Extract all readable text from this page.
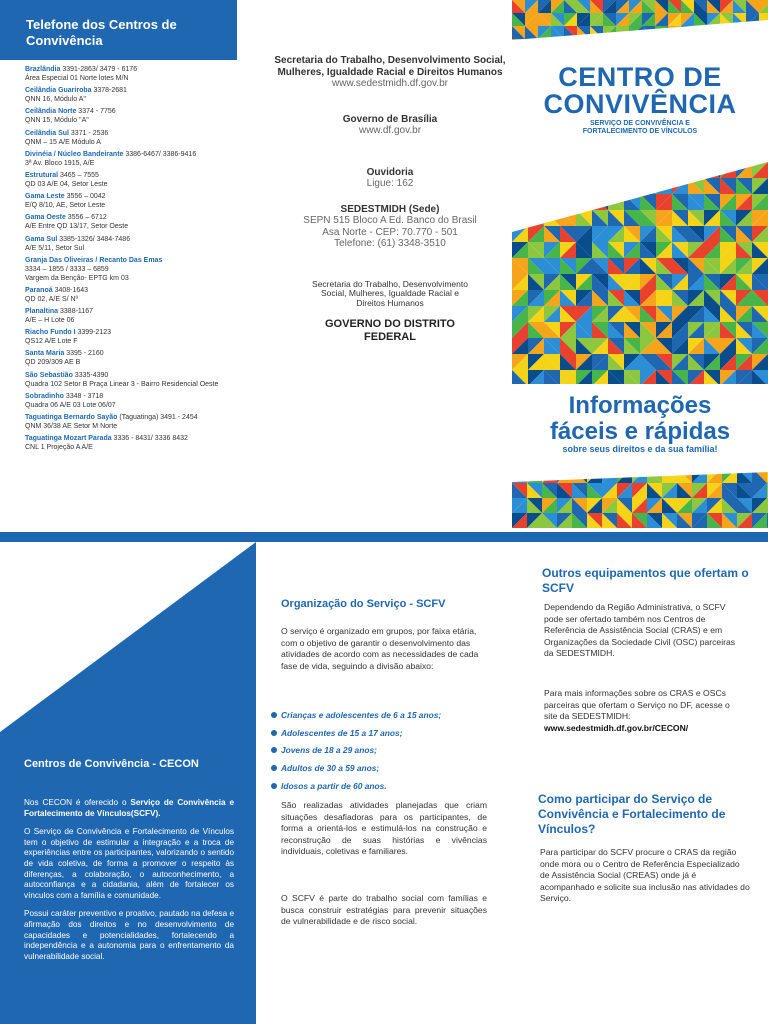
Telefone dos Centros de Convivência
Brazlândia 3391-2863/ 3479 - 6176
Área Especial 01 Norte lotes M/N
Ceilândia Guariroba 3378-2681
QNN 16, Módulo A"
Ceilândia Norte 3374 - 7756
QNN 15, Módulo "A"
Ceilândia Sul 3371 - 2536
QNM – 15 A/E Módulo A
Divinéia / Núcleo Bandeirante 3386-6467/ 3386-9416
3ª Av. Bloco 1915, A/E
Estrutural 3465 – 7555
QD 03 A/E 04, Setor Leste
Gama Leste 3556 – 0042
E/Q 8/10, AE, Setor Leste
Gama Oeste 3556 – 6712
A/E Entre QD 13/17, Setor Oeste
Gama Sul 3385-1326/ 3484-7486
A/E 5/11, Setor Sul
Granja Das Oliveiras / Recanto Das Emas
3334 – 1855 / 3333 – 6859
Vargem da Benção- EPTG km 03
Paranoá 3408-1643
QD 02, A/E S/ Nº
Planaltina 3388-1167
A/E – H Lote 06
Riacho Fundo I 3399-2123
QS12 A/E Lote F
Santa Maria 3395 - 2160
QD 209/309 AE B
São Sebastião 3335-4390
Quadra 102 Setor B Praça Linear 3 - Bairro Residencial Oeste
Sobradinho 3348 - 3718
Quadra 06 A/E 03 Lote 06/07
Taguatinga Bernardo Sayão (Taguatinga) 3491 - 2454
QNM 36/38 AE Setor M Norte
Taguatinga Mozart Parada 3336 - 8431/ 3336 8432
CNL 1 Projeção A A/E
Secretaria do Trabalho, Desenvolvimento Social, Mulheres, Igualdade Racial e Direitos Humanos
www.sedestmidh.df.gov.br
Governo de Brasília
www.df.gov.br
Ouvidoria
Ligue: 162
SEDESTMIDH (Sede)
SEPN 515 Bloco A Ed. Banco do Brasil
Asa Norte - CEP: 70.770 - 501
Telefone: (61) 3348-3510
Secretaria do Trabalho, Desenvolvimento Social, Mulheres, Igualdade Racial e Direitos Humanos
GOVERNO DO DISTRITO FEDERAL
CENTRO DE
CONVIVÊNCIA
SERVIÇO DE CONVIVÊNCIA E FORTALECIMENTO DE VÍNCULOS
Informações
fáceis e rápidas
sobre seus direitos e da sua família!
Centros de Convivência - CECON

Nos CECON é oferecido o Serviço de Convivência e Fortalecimento de Vínculos(SCFV).

O Serviço de Convivência e Fortalecimento de Vínculos tem o objetivo de estimular a integração e a troca de experiências entre os participantes, valorizando o sentido de vida coletiva, de forma a promover o respeito às diferenças, a colaboração, o autoconhecimento, a autoconfiança e a cidadania, além de fortalecer os vínculos com a família e comunidade.

Possui caráter preventivo e proativo, pautado na defesa e afirmação dos direitos e no desenvolvimento de capacidades e potencialidades, fortalecendo a independência e a autonomia para o enfrentamento da vulnerabilidade social.

Organização do Serviço - SCFV
O serviço é organizado em grupos, por faixa etária, com o objetivo de garantir o desenvolvimento das atividades de acordo com as necessidades de cada fase de vida, seguindo a divisão abaixo:
Crianças e adolescentes de 6 a 15 anos;
Adolescentes de 15 a 17 anos;
Jovens de 18 a 29 anos;
Adultos de 30 a 59 anos;
Idosos a partir de 60 anos.
São realizadas atividades planejadas que criam situações desafiadoras para os participantes, de forma a orientá-los e estimulá-los na construção e reconstrução de suas histórias e vivências individuais, coletivas e familiares.
O SCFV é parte do trabalho social com famílias e busca construir estratégias para prevenir situações de vulnerabilidade e de risco social.
Outros equipamentos que ofertam o SCFV
Dependendo da Região Administrativa, o SCFV pode ser ofertado também nos Centros de Referência de Assistência Social (CRAS) e em Organizações da Sociedade Civil (OSC) parceiras da SEDESTMIDH.
Para mais informações sobre os CRAS e OSCs parceiras que ofertam o Serviço no DF, acesse o site da SEDESTMIDH:
www.sedestmidh.df.gov.br/CECON/
Como participar do Serviço de Convivência e Fortalecimento de Vínculos?
Para participar do SCFV procure o CRAS da região onde mora ou o Centro de Referência Especializado de Assistência Social (CREAS) onde já é acompanhado e solicite sua inclusão nas atividades do Serviço.
